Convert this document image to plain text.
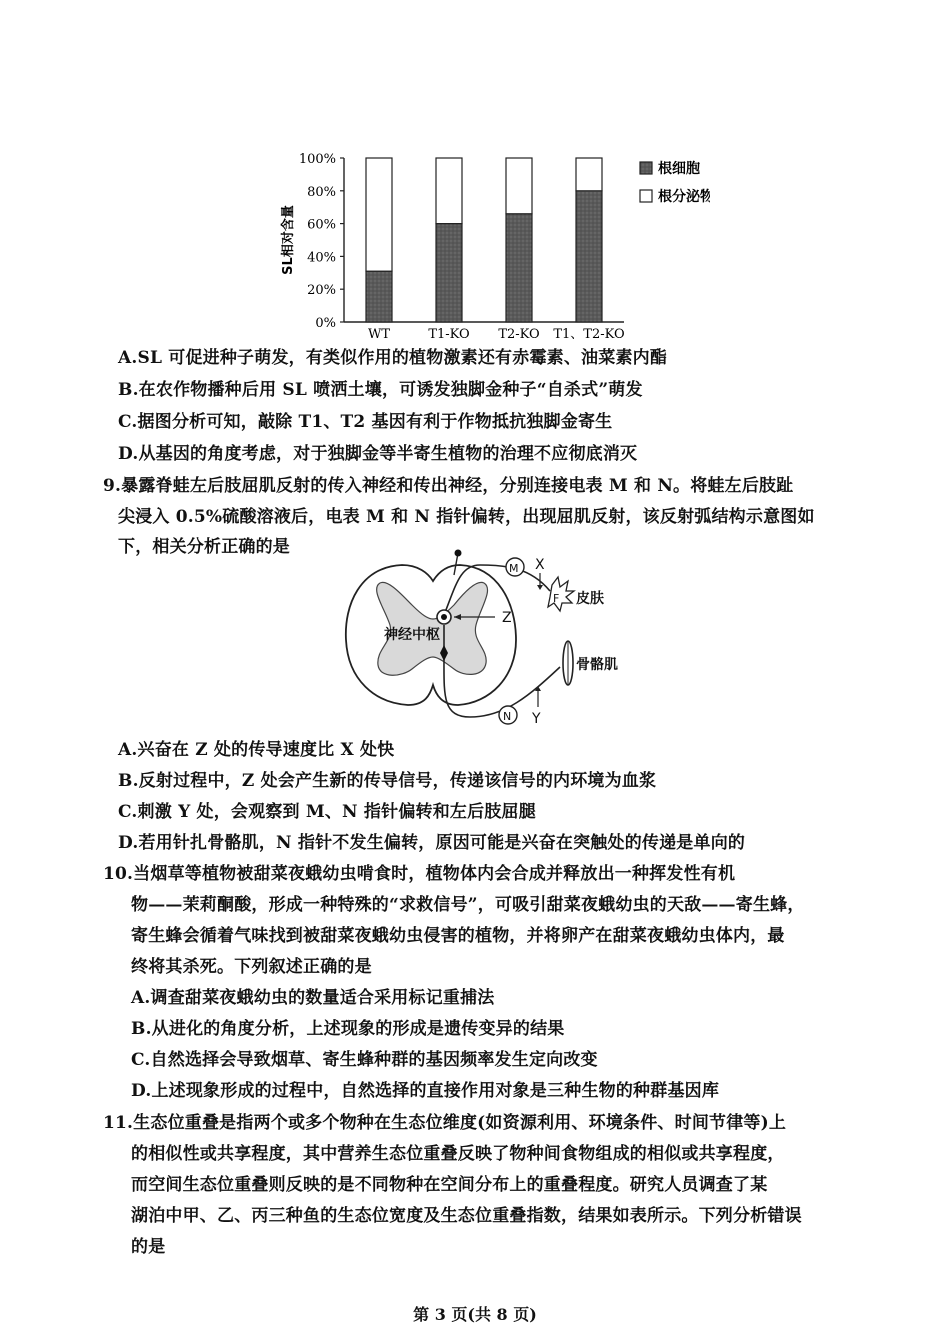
0%
20%
40%
60%
80%
100%
SL相对含量
WT	T1-KO T2-KO T1、T2-KO
根细胞
根分泌物
A.SL 可促进种子萌发，有类似作用的植物激素还有赤霉素、油菜素内酯
B.在农作物播种后用 SL 喷洒土壤，可诱发独脚金种子“自杀式”萌发
C.据图分析可知，敲除 T1、T2 基因有利于作物抵抗独脚金寄生
D.从基因的角度考虑，对于独脚金等半寄生植物的治理不应彻底消灭
9.暴露脊蛙左后肢屈肌反射的传入神经和传出神经，分别连接电表 M 和 N。将蛙左后肢趾
尖浸入 0.5%硫酸溶液后，电表 M 和 N 指针偏转，出现屈肌反射，该反射弧结构示意图如
下，相关分析正确的是
神经中枢
Z
M X
F 皮肤
N Y
骨骼肌
A.兴奋在 Z 处的传导速度比 X 处快
B.反射过程中，Z 处会产生新的传导信号，传递该信号的内环境为血浆
C.刺激 Y 处，会观察到 M、N 指针偏转和左后肢屈腿
D.若用针扎骨骼肌，N 指针不发生偏转，原因可能是兴奋在突触处的传递是单向的
10.当烟草等植物被甜菜夜蛾幼虫啃食时，植物体内会合成并释放出一种挥发性有机
物——茉莉酮酸，形成一种特殊的“求救信号”，可吸引甜菜夜蛾幼虫的天敌——寄生蜂，
寄生蜂会循着气味找到被甜菜夜蛾幼虫侵害的植物，并将卵产在甜菜夜蛾幼虫体内，最
终将其杀死。下列叙述正确的是
A.调查甜菜夜蛾幼虫的数量适合采用标记重捕法
B.从进化的角度分析，上述现象的形成是遗传变异的结果
C.自然选择会导致烟草、寄生蜂种群的基因频率发生定向改变
D.上述现象形成的过程中，自然选择的直接作用对象是三种生物的种群基因库
11.生态位重叠是指两个或多个物种在生态位维度(如资源利用、环境条件、时间节律等)上
的相似性或共享程度，其中营养生态位重叠反映了物种间食物组成的相似或共享程度，
而空间生态位重叠则反映的是不同物种在空间分布上的重叠程度。研究人员调查了某
湖泊中甲、乙、丙三种鱼的生态位宽度及生态位重叠指数，结果如表所示。下列分析错误
的是
第 3 页(共 8 页)
